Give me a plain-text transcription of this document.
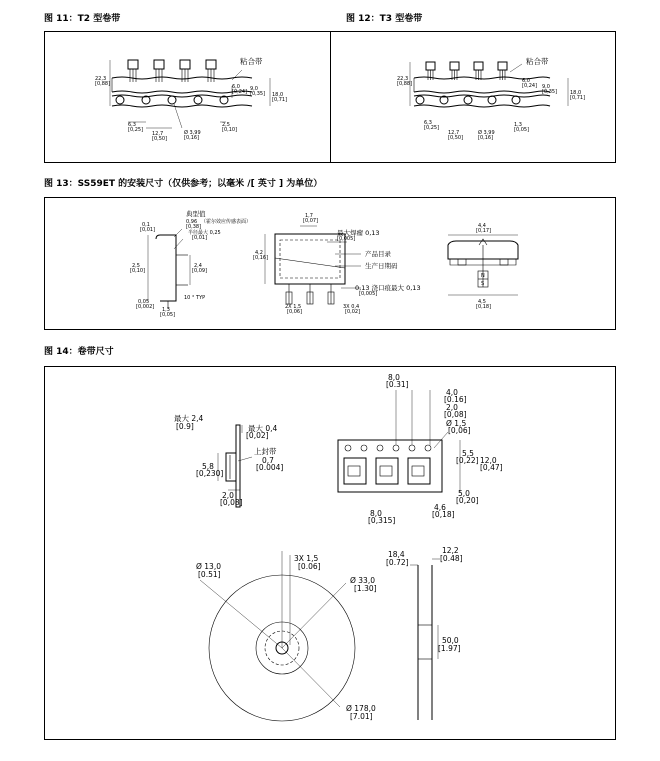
图 11：T2 型卷带	图 12：T3 型卷带
图 13：SS59ET 的安装尺寸（仅供参考；以毫米 /[ 英寸 ] 为单位）
图 14：卷带尺寸
粘合带
22,3
[0,88]	6,0
[0,24] 9,0
[0,35] 18,0
[0,71]
6,3
[0,25]
12,7
[0,50]
Ø 3,99
[0,16]
2,5
[0,10]
粘合带
22,3
[0,88]	6,0
[0,24] 9,0
[0,35]	18,0
[0,71]
6,3
[0,25]
12,7
[0,50]
Ø 3,99
[0,16]
1,3
[0,05]
典型值
0,96
[0,38]
（霍尔效应传感表面）
半径最大 0,25
[0,01]
0,1
[0,01]
2,5
[0,10]
2,4
[0,09]
0,05
[0,002] 1,3
[0,05]
10 ° TYP
1,7
[0,07]
4,2
[0,16]
最大焊瘤 0,13
[0,005]
产品目录
生产日期码
0,13 浇口痕最大 0,13
[0,005]
2X 1,5
[0,06]
3X 0,4
[0,02]
4,4
[0,17]
N
S
4,5
[0,18]
最大 2,4
[0.9]	最大 0,4
[0,02]
上封带
0,7
[0.004]
5,8
[0,230]
2,0
[0,08]
8,0
[0.31]
4,0
[0.16]
2,0
[0,08]
Ø 1,5
[0,06]
5,5
[0,22] 12,0
[0,47]
5,0
[0,20]
8,0
[0,315]
4,6
[0,18]
Ø 13,0
[0.51]
3X 1,5
[0.06]
Ø 33,0
[1.30]
Ø 178,0
[7.01]
18,4
[0.72]
12,2
[0.48]
50,0
[1.97]
